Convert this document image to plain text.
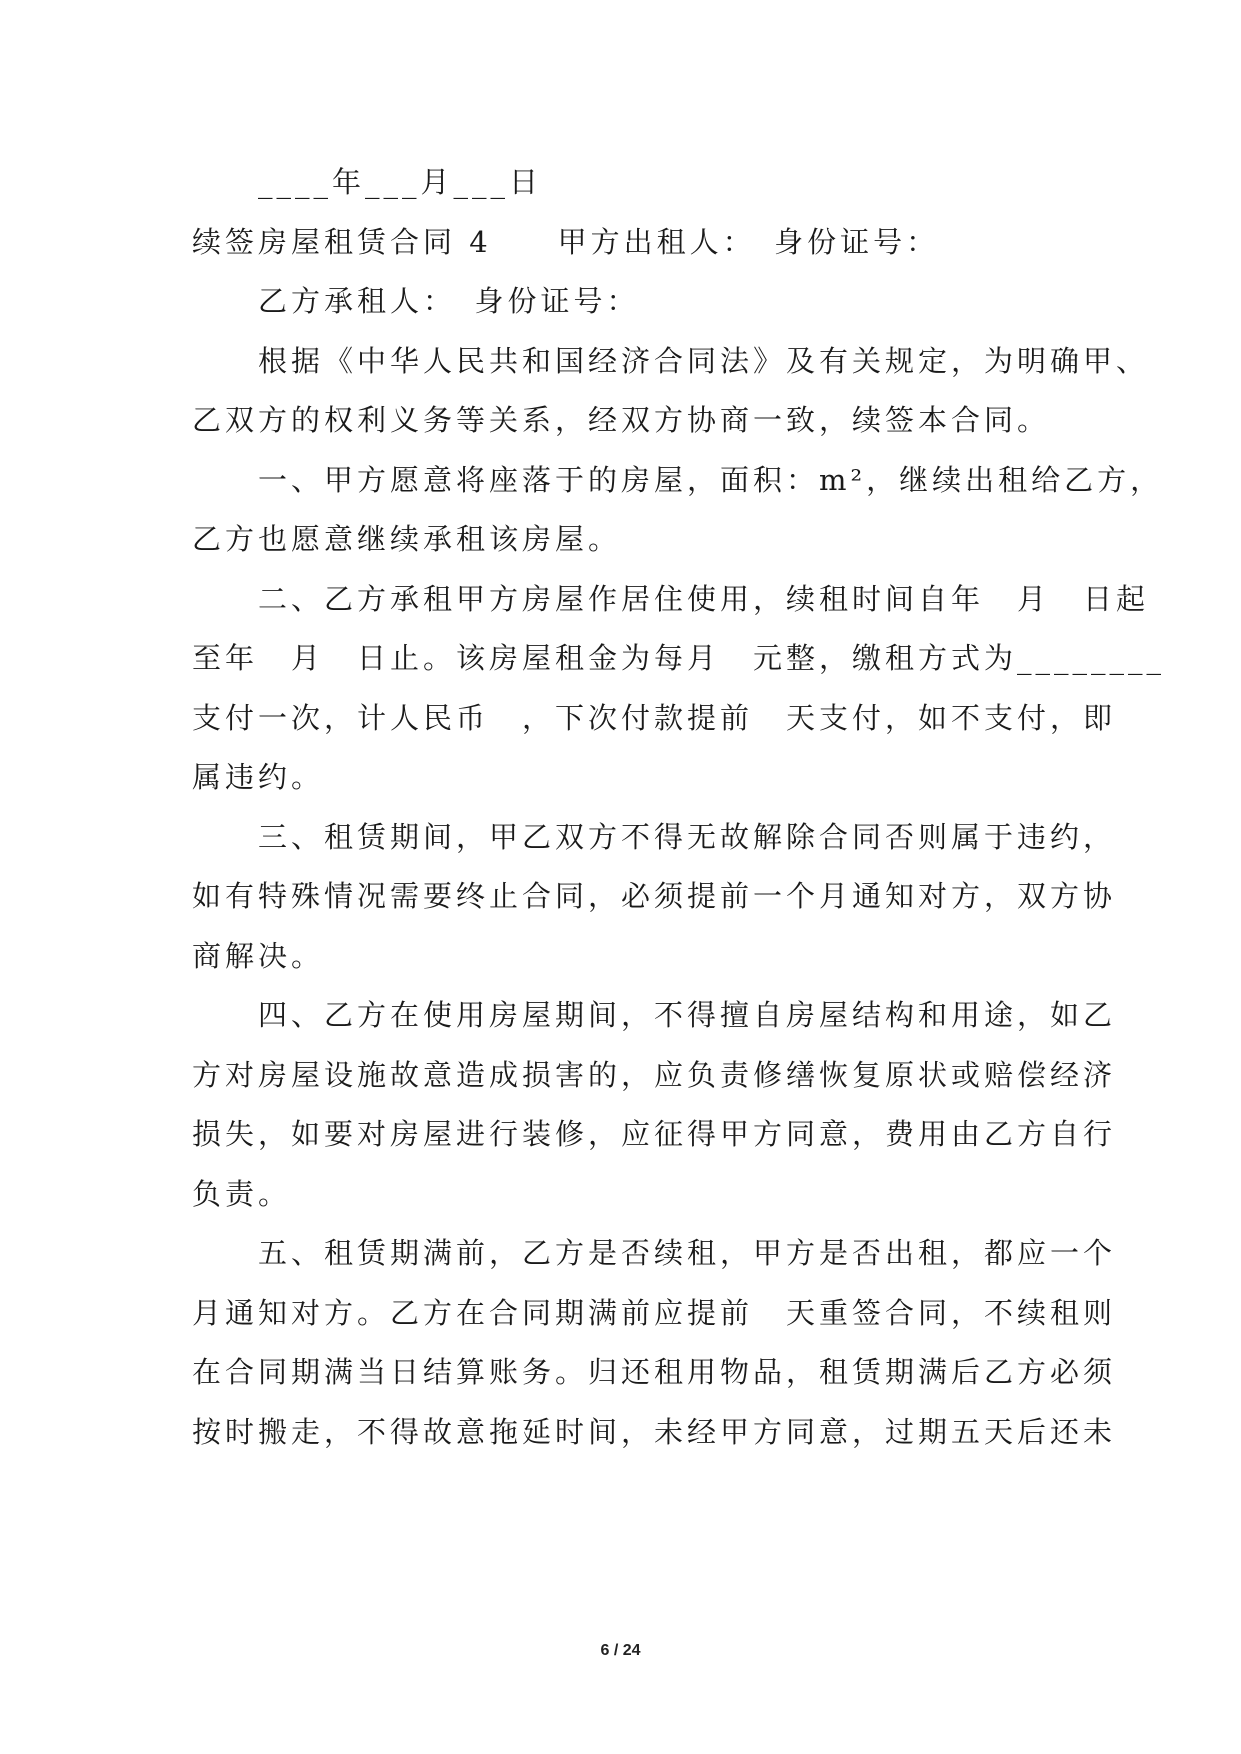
　　____年___月___日
续签房屋租赁合同 4　　甲方出租人：　身份证号：
　　乙方承租人：　身份证号：
　　根据《中华人民共和国经济合同法》及有关规定，为明确甲、
乙双方的权利义务等关系，经双方协商一致，续签本合同。
　　一、甲方愿意将座落于的房屋，面积：m²，继续出租给乙方，
乙方也愿意继续承租该房屋。
　　二、乙方承租甲方房屋作居住使用，续租时间自年　月　日起
至年　月　日止。该房屋租金为每月　元整，缴租方式为________
支付一次，计人民币　，下次付款提前　天支付，如不支付，即
属违约。
　　三、租赁期间，甲乙双方不得无故解除合同否则属于违约，
如有特殊情况需要终止合同，必须提前一个月通知对方，双方协
商解决。
　　四、乙方在使用房屋期间，不得擅自房屋结构和用途，如乙
方对房屋设施故意造成损害的，应负责修缮恢复原状或赔偿经济
损失，如要对房屋进行装修，应征得甲方同意，费用由乙方自行
负责。
　　五、租赁期满前，乙方是否续租，甲方是否出租，都应一个
月通知对方。乙方在合同期满前应提前　天重签合同，不续租则
在合同期满当日结算账务。归还租用物品，租赁期满后乙方必须
按时搬走，不得故意拖延时间，未经甲方同意，过期五天后还未
6 / 24
